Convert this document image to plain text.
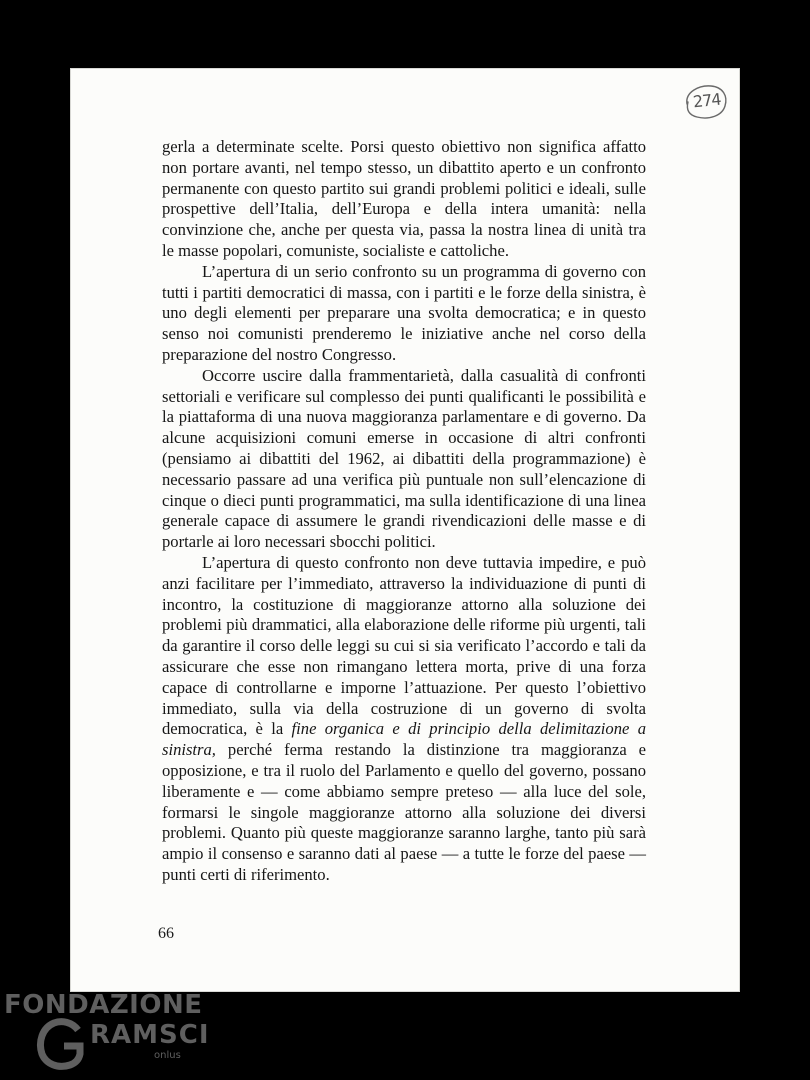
274

gerla a determinate scelte. Porsi questo obiettivo non significa affatto non portare avanti, nel tempo stesso, un dibattito aperto e un confronto permanente con questo partito sui grandi problemi politici e ideali, sulle prospettive dell’Italia, dell’Europa e della intera umanità: nella convinzione che, anche per questa via, passa la nostra linea di unità tra le masse popolari, comuniste, socialiste e cattoliche.

L’apertura di un serio confronto su un programma di governo con tutti i partiti democratici di massa, con i partiti e le forze della sinistra, è uno degli elementi per preparare una svolta democratica; e in questo senso noi comunisti prenderemo le iniziative anche nel corso della preparazione del nostro Congresso.

Occorre uscire dalla frammentarietà, dalla casualità di confronti settoriali e verificare sul complesso dei punti qualificanti le possibilità e la piattaforma di una nuova maggioranza parlamentare e di governo. Da alcune acquisizioni comuni emerse in occasione di altri confronti (pensiamo ai dibattiti del 1962, ai dibattiti della programmazione) è necessario passare ad una verifica più puntuale non sull’elencazione di cinque o dieci punti programmatici, ma sulla identificazione di una linea generale capace di assumere le grandi rivendicazioni delle masse e di portarle ai loro necessari sbocchi politici.

L’apertura di questo confronto non deve tuttavia impedire, e può anzi facilitare per l’immediato, attraverso la individuazione di punti di incontro, la costituzione di maggioranze attorno alla soluzione dei problemi più drammatici, alla elaborazione delle riforme più urgenti, tali da garantire il corso delle leggi su cui si sia verificato l’accordo e tali da assicurare che esse non rimangano lettera morta, prive di una forza capace di controllarne e imporne l’attuazione. Per questo l’obiettivo immediato, sulla via della costruzione di un governo di svolta democratica, è la fine organica e di principio della delimitazione a sinistra, perché ferma restando la distinzione tra maggioranza e opposizione, e tra il ruolo del Parlamento e quello del governo, possano liberamente e — come abbiamo sempre preteso — alla luce del sole, formarsi le singole maggioranze attorno alla soluzione dei diversi problemi. Quanto più queste maggioranze saranno larghe, tanto più sarà ampio il consenso e saranno dati al paese — a tutte le forze del paese — punti certi di riferimento.

66
FONDAZIONE
RAMSCI
onlus
